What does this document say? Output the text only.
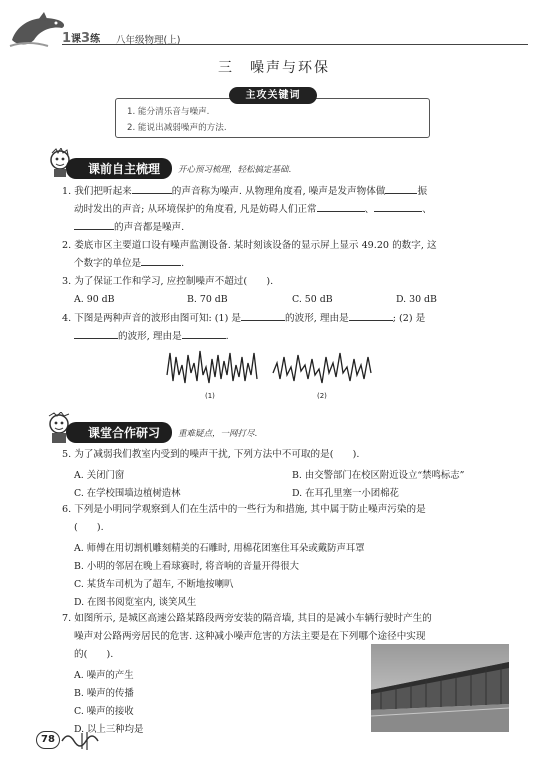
1课3练 八年级物理(上)
三　噪声与环保
主攻关键词
1. 能分清乐音与噪声.
2. 能说出减弱噪声的方法.
课前自主梳理	开心预习梳理，轻松搞定基础.
1. 我们把听起来	的声音称为噪声. 从物理角度看, 噪声是发声物体做	振
动时发出的声音; 从环境保护的角度看, 凡是妨碍人们正常	、	、
的声音都是噪声.
2. 娄底市区主要道口设有噪声监测设备. 某时刻该设备的显示屏上显示 49.20 的数字, 这
个数字的单位是	.
3. 为了保证工作和学习, 应控制噪声不超过(　　).
A. 90 dB	B. 70 dB	C. 50 dB	D. 30 dB
4. 下图是两种声音的波形由图可知: (1) 是	的波形, 理由是	; (2) 是
的波形, 理由是	.
(1)	(2)
课堂合作研习	重难疑点，一网打尽.
5. 为了减弱我们教室内受到的噪声干扰, 下列方法中不可取的是(　　).
A. 关闭门窗	B. 由交警部门在校区附近设立“禁鸣标志”
C. 在学校围墙边植树造林	D. 在耳孔里塞一小团棉花
6. 下列是小明同学观察到人们在生活中的一些行为和措施, 其中属于防止噪声污染的是
(　　).
A. 师傅在用切割机雕刻精美的石雕时, 用棉花团塞住耳朵或戴防声耳罩
B. 小明的邻居在晚上看球赛时, 将音响的音量开得很大
C. 某货车司机为了超车, 不断地按喇叭
D. 在图书阅览室内, 谈笑风生
7. 如图所示, 是城区高速公路某路段两旁安装的隔音墙, 其目的是减小车辆行驶时产生的
噪声对公路两旁居民的危害. 这种减小噪声危害的方法主要是在下列哪个途径中实现
的(　　).
A. 噪声的产生
B. 噪声的传播
C. 噪声的接收
D. 以上三种均是
78
